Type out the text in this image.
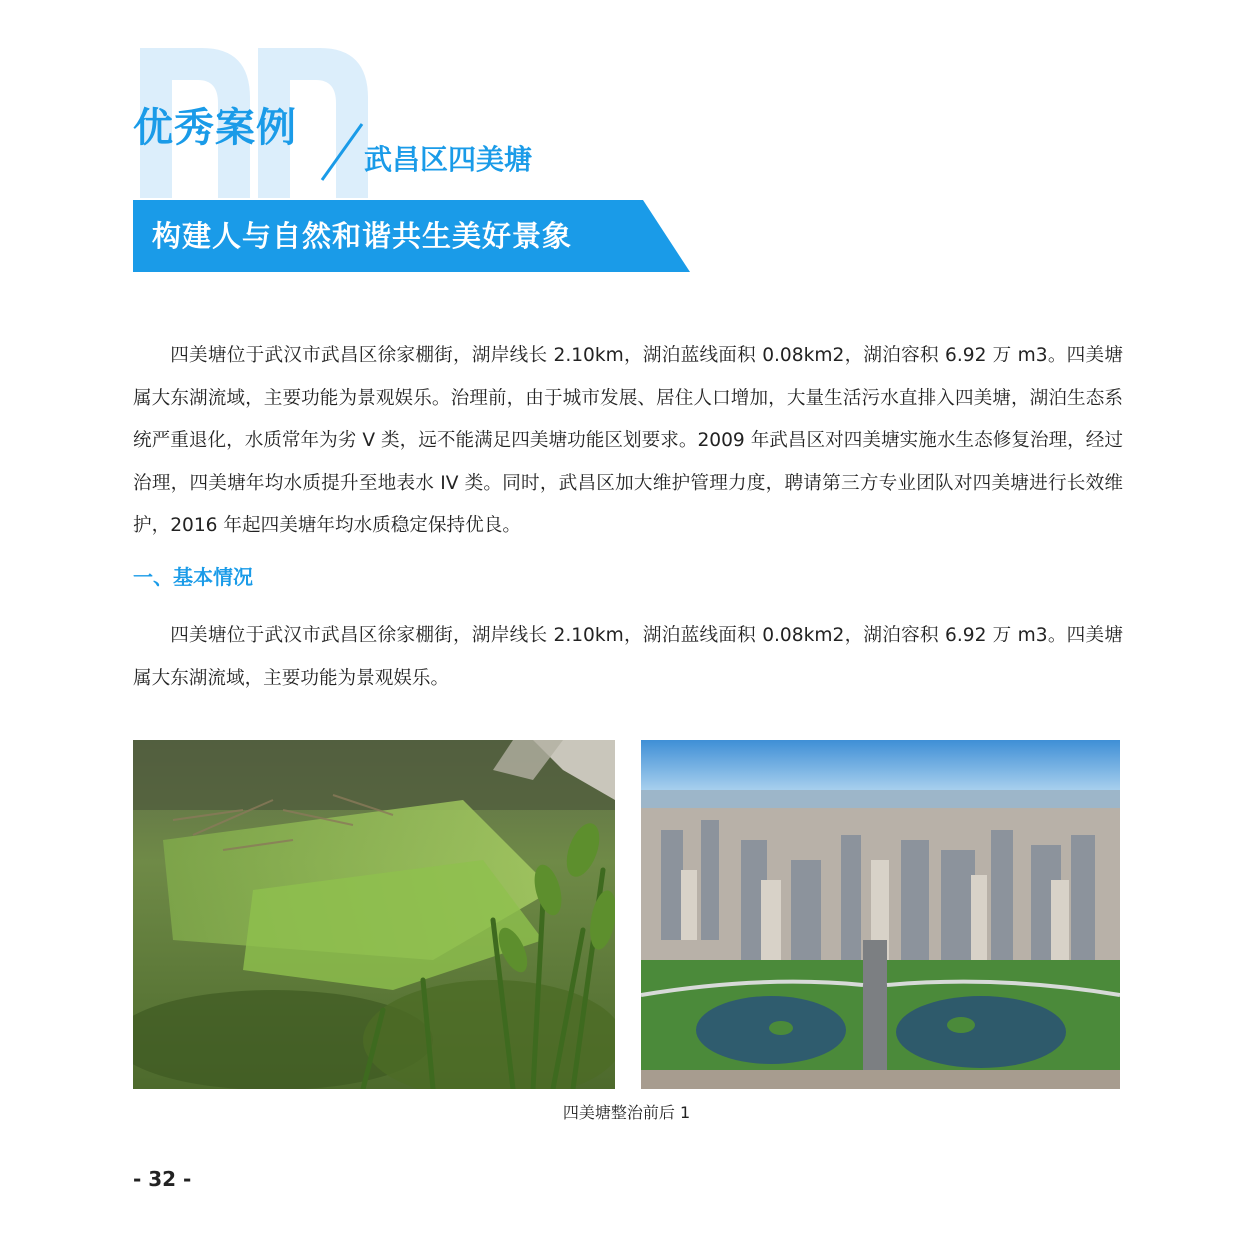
优秀案例
武昌区四美塘

构建人与自然和谐共生美好景象

四美塘位于武汉市武昌区徐家棚街，湖岸线长 2.10km，湖泊蓝线面积 0.08km2，湖泊容积 6.92 万 m3。四美塘属大东湖流域，主要功能为景观娱乐。治理前，由于城市发展、居住人口增加，大量生活污水直排入四美塘，湖泊生态系统严重退化，水质常年为劣 V 类，远不能满足四美塘功能区划要求。2009 年武昌区对四美塘实施水生态修复治理，经过治理，四美塘年均水质提升至地表水 IV 类。同时，武昌区加大维护管理力度，聘请第三方专业团队对四美塘进行长效维护，2016 年起四美塘年均水质稳定保持优良。

一、基本情况

四美塘位于武汉市武昌区徐家棚街，湖岸线长 2.10km，湖泊蓝线面积 0.08km2，湖泊容积 6.92 万 m3。四美塘属大东湖流域，主要功能为景观娱乐。

四美塘整治前后 1

- 32 -
